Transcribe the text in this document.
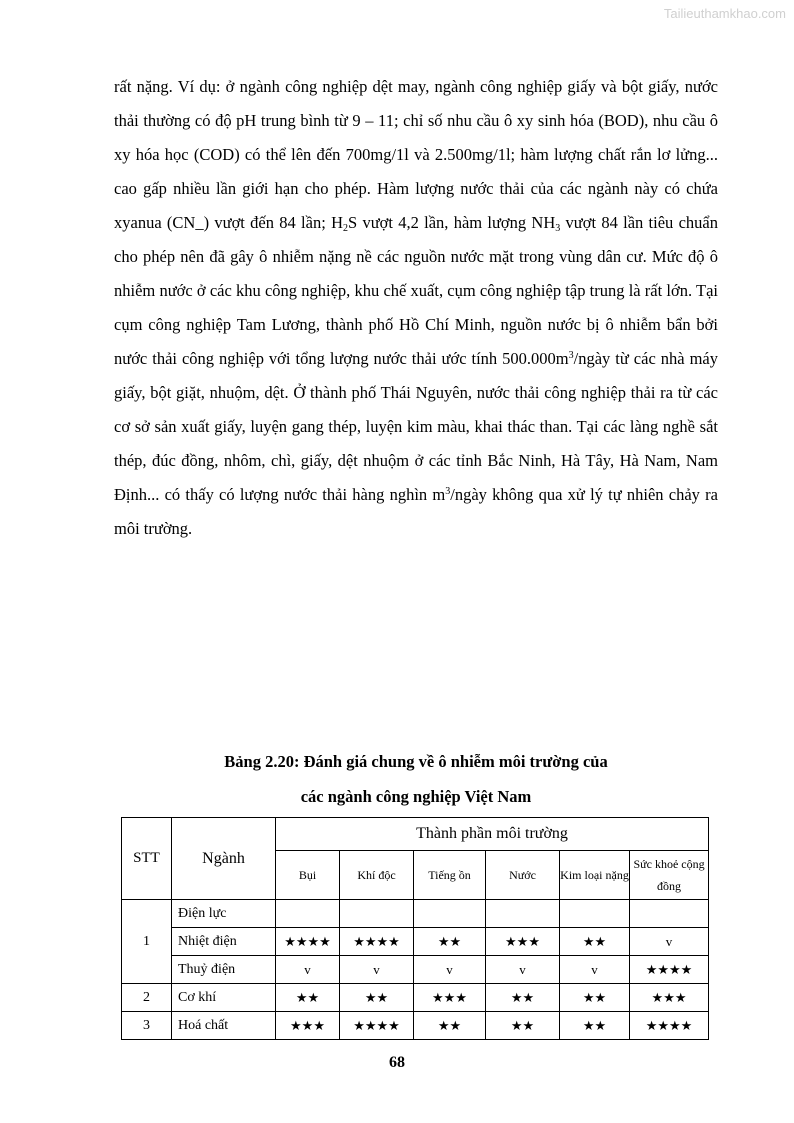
Tailieuthamkhao.com

rất nặng. Ví dụ: ở ngành công nghiệp dệt may, ngành công nghiệp giấy và bột giấy, nước thải thường có độ pH trung bình từ 9 – 11; chỉ số nhu cầu ô xy sinh hóa (BOD), nhu cầu ô xy hóa học (COD) có thể lên đến 700mg/1l và 2.500mg/1l; hàm lượng chất rắn lơ lửng... cao gấp nhiều lần giới hạn cho phép. Hàm lượng nước thải của các ngành này có chứa xyanua (CN_) vượt đến 84 lần; $H_2S$ vượt 4,2 lần, hàm lượng $NH_3$ vượt 84 lần tiêu chuẩn cho phép nên đã gây ô nhiễm nặng nề các nguồn nước mặt trong vùng dân cư. Mức độ ô nhiễm nước ở các khu công nghiệp, khu chế xuất, cụm công nghiệp tập trung là rất lớn. Tại cụm công nghiệp Tam Lương, thành phố Hồ Chí Minh, nguồn nước bị ô nhiễm bẩn bởi nước thải công nghiệp với tổng lượng nước thải ước tính $500.000m^3$/ngày từ các nhà máy giấy, bột giặt, nhuộm, dệt. Ở thành phố Thái Nguyên, nước thải công nghiệp thải ra từ các cơ sở sản xuất giấy, luyện gang thép, luyện kim màu, khai thác than. Tại các làng nghề sắt thép, đúc đồng, nhôm, chì, giấy, dệt nhuộm ở các tỉnh Bắc Ninh, Hà Tây, Hà Nam, Nam Định... có thấy có lượng nước thải hàng nghìn $m^3$/ngày không qua xử lý tự nhiên chảy ra môi trường.

Bảng 2.20: Đánh giá chung về ô nhiễm môi trường của
các ngành công nghiệp Việt Nam
STT	Ngành	Thành phần môi trường					
		Bụi	Khí độc	Tiếng ồn	Nước	Kim loại nặng	Sức khoẻ cộng đồng
1	Điện lực						
	Nhiệt điện	★★★★	★★★★	★★	★★★	★★	v
	Thuỷ điện	v	v	v	v	v	★★★★
2	Cơ khí	★★	★★	★★★	★★	★★	★★★
3	Hoá chất	★★★	★★★★	★★	★★	★★	★★★★
68
